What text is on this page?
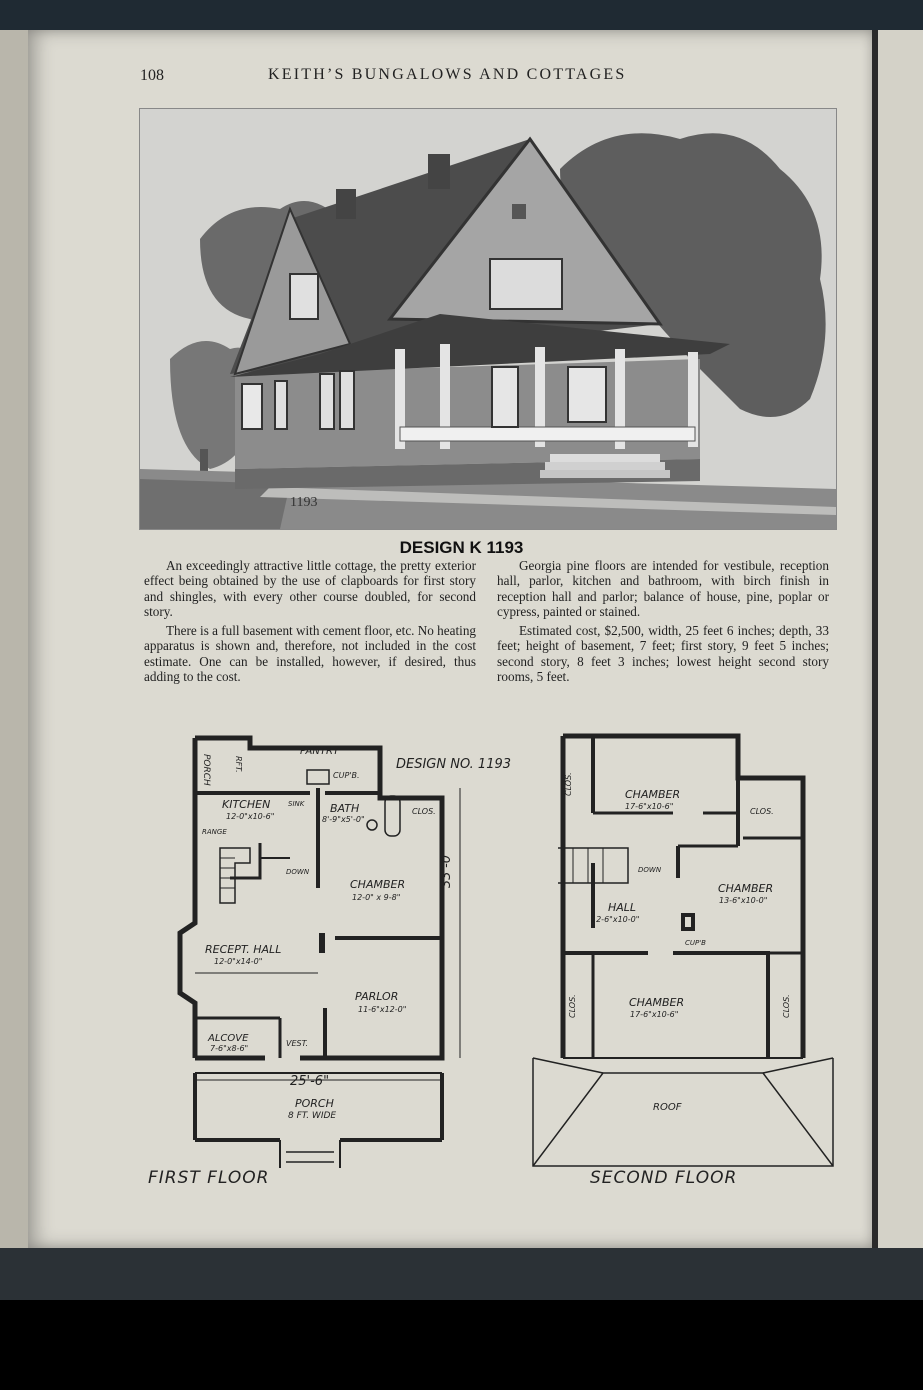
108	KEITH’S BUNGALOWS AND COTTAGES
1193
DESIGN K 1193

An exceedingly attractive little cottage, the pretty exterior effect being obtained by the use of clapboards for first story and shingles, with every other course doubled, for second story.

There is a full basement with cement floor, etc. No heating apparatus is shown and, therefore, not included in the cost estimate. One can be installed, however, if desired, thus adding to the cost.

Georgia pine floors are intended for vestibule, reception hall, parlor, kitchen and bathroom, with birch finish in reception hall and parlor; balance of house, pine, poplar or cypress, painted or stained.

Estimated cost, $2,500, width, 25 feet 6 inches; depth, 33 feet; height of basement, 7 feet; first story, 9 feet 5 inches; second story, 8 feet 3 inches; lowest height second story rooms, 5 feet.

PORCH	RFT.
PANTRY
CUP'B.
SINK
KITCHEN
12-0"x10-6"
RANGE
BATH
8'-9"x5'-0"
CLOS.
DOWN
CHAMBER
12-0" x 9-8"
RECEPT. HALL
12-0"x14-0"
PARLOR
11-6"x12-0"
ALCOVE
7-6"x8-6"
VEST.
25'-6"
PORCH
8 FT. WIDE
33'-0"
DESIGN NO. 1193
FIRST FLOOR
CLOS.	CHAMBER
17-6"x10-6"
CLOS.
DOWN
CHAMBER
13-6"x10-0"
HALL
12-6"x10-0"
CUP'B
CHAMBER
17-6"x10-6"
CLOS.	CLOS.
ROOF
SECOND FLOOR
